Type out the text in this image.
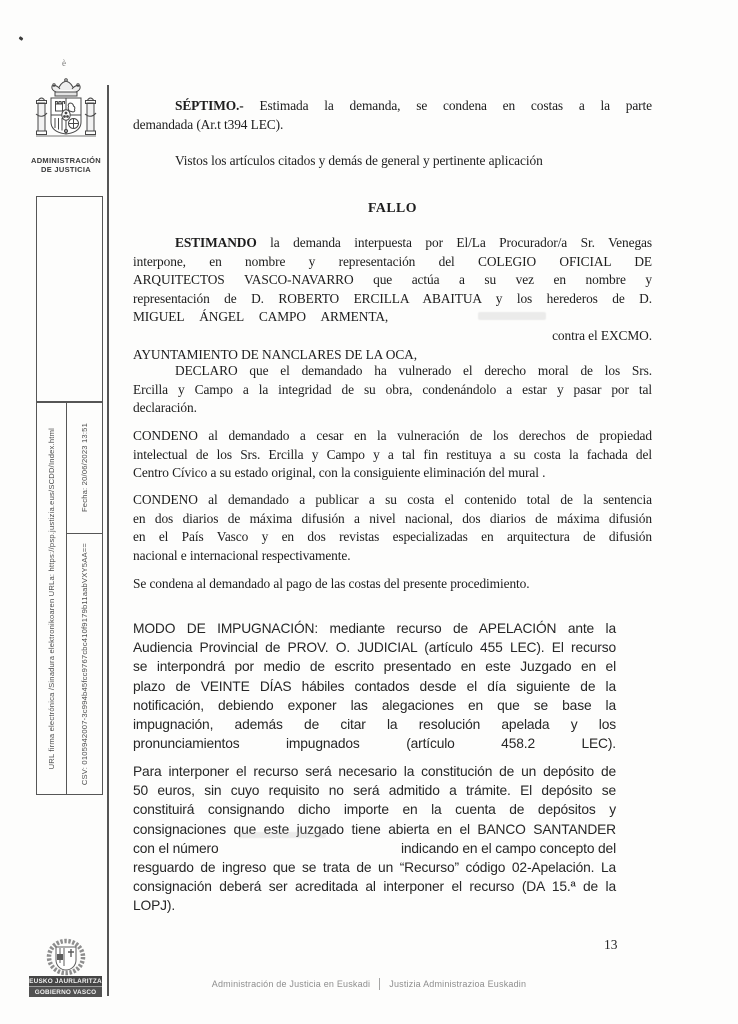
è
ADMINISTRACIÓN
DE JUSTICIA
URL firma electrónica /Sinadura elektronikoaren URLa: https://psp.justizia.eus/SCDD/Index.html	Fecha: 20/06/2023 13:51
CSV: 0105942007-3c994b45fcc9767cbc410f9179b11aabVXY5AA==
SÉPTIMO.- Estimada la demanda, se condena en costas a la parte
demandada (Ar.t t394 LEC).
Vistos los artículos citados y demás de general y pertinente aplicación
FALLO
ESTIMANDO la demanda interpuesta por El/La Procurador/a Sr. Venegas
interpone, en nombre y representación del COLEGIO OFICIAL DE
ARQUITECTOS VASCO-NAVARRO que actúa a su vez en nombre y
representación de D. ROBERTO ERCILLA ABAITUA y los herederos de D.
MIGUEL ÁNGEL CAMPO ARMENTA,
contra el EXCMO.
AYUNTAMIENTO DE NANCLARES DE LA OCA,
DECLARO que el demandado ha vulnerado el derecho moral de los Srs.
Ercilla y Campo a la integridad de su obra, condenándolo a estar y pasar por tal
declaración.
CONDENO al demandado a cesar en la vulneración de los derechos de propiedad
intelectual de los Srs. Ercilla y Campo y a tal fin restituya a su costa la fachada del
Centro Cívico a su estado original, con la consiguiente eliminación del mural .
CONDENO al demandado a publicar a su costa el contenido total de la sentencia
en dos diarios de máxima difusión a nivel nacional, dos diarios de máxima difusión
en el País Vasco y en dos revistas especializadas en arquitectura de difusión
nacional e internacional respectivamente.
Se condena al demandado al pago de las costas del presente procedimiento.
MODO DE IMPUGNACIÓN: mediante recurso de APELACIÓN ante la
Audiencia Provincial de PROV. O. JUDICIAL (artículo 455 LEC). El recurso
se interpondrá por medio de escrito presentado en este Juzgado en el
plazo de VEINTE DÍAS hábiles contados desde el día siguiente de la
notificación, debiendo exponer las alegaciones en que se base la
impugnación, además de citar la resolución apelada y los
pronunciamientos impugnados (artículo 458.2 LEC).
Para interponer el recurso será necesario la constitución de un depósito de
50 euros, sin cuyo requisito no será admitido a trámite. El depósito se
constituirá consignando dicho importe en la cuenta de depósitos y
consignaciones que este juzgado tiene abierta en el BANCO SANTANDER
con el número	indicando en el campo concepto del
resguardo de ingreso que se trata de un “Recurso” código 02-Apelación. La
consignación deberá ser acreditada al interponer el recurso (DA 15.ª de la
LOPJ).
13
EUSKO JAURLARITZA
GOBIERNO VASCO
Administración de Justicia en Euskadi Justizia Administrazioa Euskadin
